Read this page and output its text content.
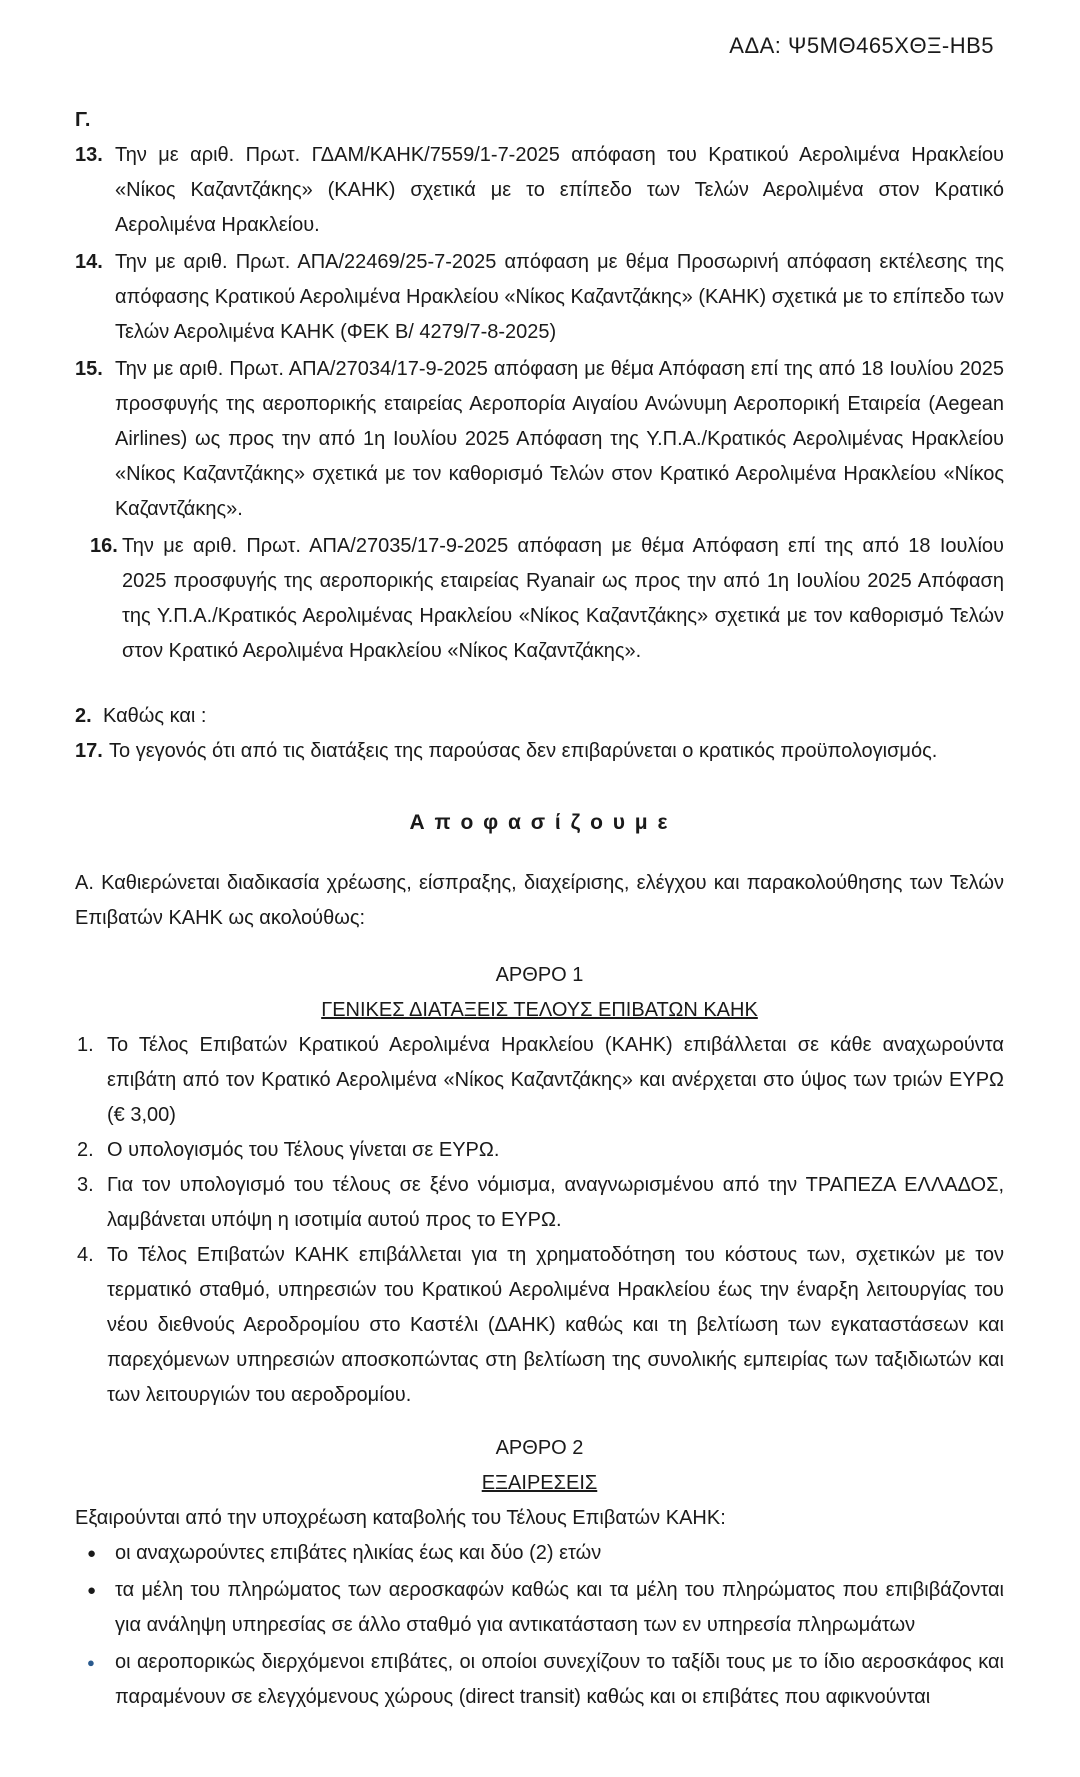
ΑΔΑ: Ψ5ΜΘ465ΧΘΞ-ΗΒ5
Γ.
13. Την με αριθ. Πρωτ. ΓΔΑΜ/ΚΑΗΚ/7559/1-7-2025 απόφαση του Κρατικού Αερολιμένα Ηρακλείου «Νίκος Καζαντζάκης» (ΚΑΗΚ) σχετικά με το επίπεδο των Τελών Αερολιμένα στον Κρατικό Αερολιμένα Ηρακλείου.
14. Την με αριθ. Πρωτ. ΑΠΑ/22469/25-7-2025 απόφαση με θέμα Προσωρινή απόφαση εκτέλεσης της απόφασης Κρατικού Αερολιμένα Ηρακλείου «Νίκος Καζαντζάκης» (ΚΑΗΚ) σχετικά με το επίπεδο των Τελών Αερολιμένα ΚΑΗΚ (ΦΕΚ Β/ 4279/7-8-2025)
15. Την με αριθ. Πρωτ. ΑΠΑ/27034/17-9-2025 απόφαση με θέμα Απόφαση επί της από 18 Ιουλίου 2025 προσφυγής της αεροπορικής εταιρείας Αεροπορία Αιγαίου Ανώνυμη Αεροπορική Εταιρεία (Aegean Airlines) ως προς την από 1η Ιουλίου 2025 Απόφαση της Υ.Π.Α./Κρατικός Αερολιμένας Ηρακλείου «Νίκος Καζαντζάκης» σχετικά με τον καθορισμό Τελών στον Κρατικό Αερολιμένα Ηρακλείου «Νίκος Καζαντζάκης».
16. Την με αριθ. Πρωτ. ΑΠΑ/27035/17-9-2025 απόφαση με θέμα Απόφαση επί της από 18 Ιουλίου 2025 προσφυγής της αεροπορικής εταιρείας Ryanair ως προς την από 1η Ιουλίου 2025 Απόφαση της Υ.Π.Α./Κρατικός Αερολιμένας Ηρακλείου «Νίκος Καζαντζάκης» σχετικά με τον καθορισμό Τελών στον Κρατικό Αερολιμένα Ηρακλείου «Νίκος Καζαντζάκης».
2. Καθώς και :
17. Το γεγονός ότι από τις διατάξεις της παρούσας δεν επιβαρύνεται ο κρατικός προϋπολογισμός.
Α π ο φ α σ ί ζ ο υ μ ε
Α. Καθιερώνεται διαδικασία χρέωσης, είσπραξης, διαχείρισης, ελέγχου και παρακολούθησης των Τελών Επιβατών ΚΑΗΚ ως ακολούθως:
ΑΡΘΡΟ 1
ΓΕΝΙΚΕΣ ΔΙΑΤΑΞΕΙΣ ΤΕΛΟΥΣ ΕΠΙΒΑΤΩΝ ΚΑΗΚ
1. Το Τέλος Επιβατών Κρατικού Αερολιμένα Ηρακλείου (ΚΑΗΚ) επιβάλλεται σε κάθε αναχωρούντα επιβάτη από τον Κρατικό Αερολιμένα «Νίκος Καζαντζάκης» και ανέρχεται στο ύψος των τριών ΕΥΡΩ (€ 3,00)
2. Ο υπολογισμός του Τέλους γίνεται σε ΕΥΡΩ.
3. Για τον υπολογισμό του τέλους σε ξένο νόμισμα, αναγνωρισμένου από την ΤΡΑΠΕΖΑ ΕΛΛΑΔΟΣ, λαμβάνεται υπόψη η ισοτιμία αυτού προς το ΕΥΡΩ.
4. Το Τέλος Επιβατών ΚΑΗΚ επιβάλλεται για τη χρηματοδότηση του κόστους των, σχετικών με τον τερματικό σταθμό, υπηρεσιών του Κρατικού Αερολιμένα Ηρακλείου έως την έναρξη λειτουργίας του νέου διεθνούς Αεροδρομίου στο Καστέλι (ΔΑΗΚ) καθώς και τη βελτίωση των εγκαταστάσεων και παρεχόμενων υπηρεσιών αποσκοπώντας στη βελτίωση της συνολικής εμπειρίας των ταξιδιωτών και των λειτουργιών του αεροδρομίου.
ΑΡΘΡΟ 2
ΕΞΑΙΡΕΣΕΙΣ
Εξαιρούνται από την υποχρέωση καταβολής του Τέλους Επιβατών ΚΑΗΚ:
● οι αναχωρούντες επιβάτες ηλικίας έως και δύο (2) ετών
● τα μέλη του πληρώματος των αεροσκαφών καθώς και τα μέλη του πληρώματος που επιβιβάζονται για ανάληψη υπηρεσίας σε άλλο σταθμό για αντικατάσταση των εν υπηρεσία πληρωμάτων
● οι αεροπορικώς διερχόμενοι επιβάτες, οι οποίοι συνεχίζουν το ταξίδι τους με το ίδιο αεροσκάφος και παραμένουν σε ελεγχόμενους χώρους (direct transit) καθώς και οι επιβάτες που αφικνούνται
